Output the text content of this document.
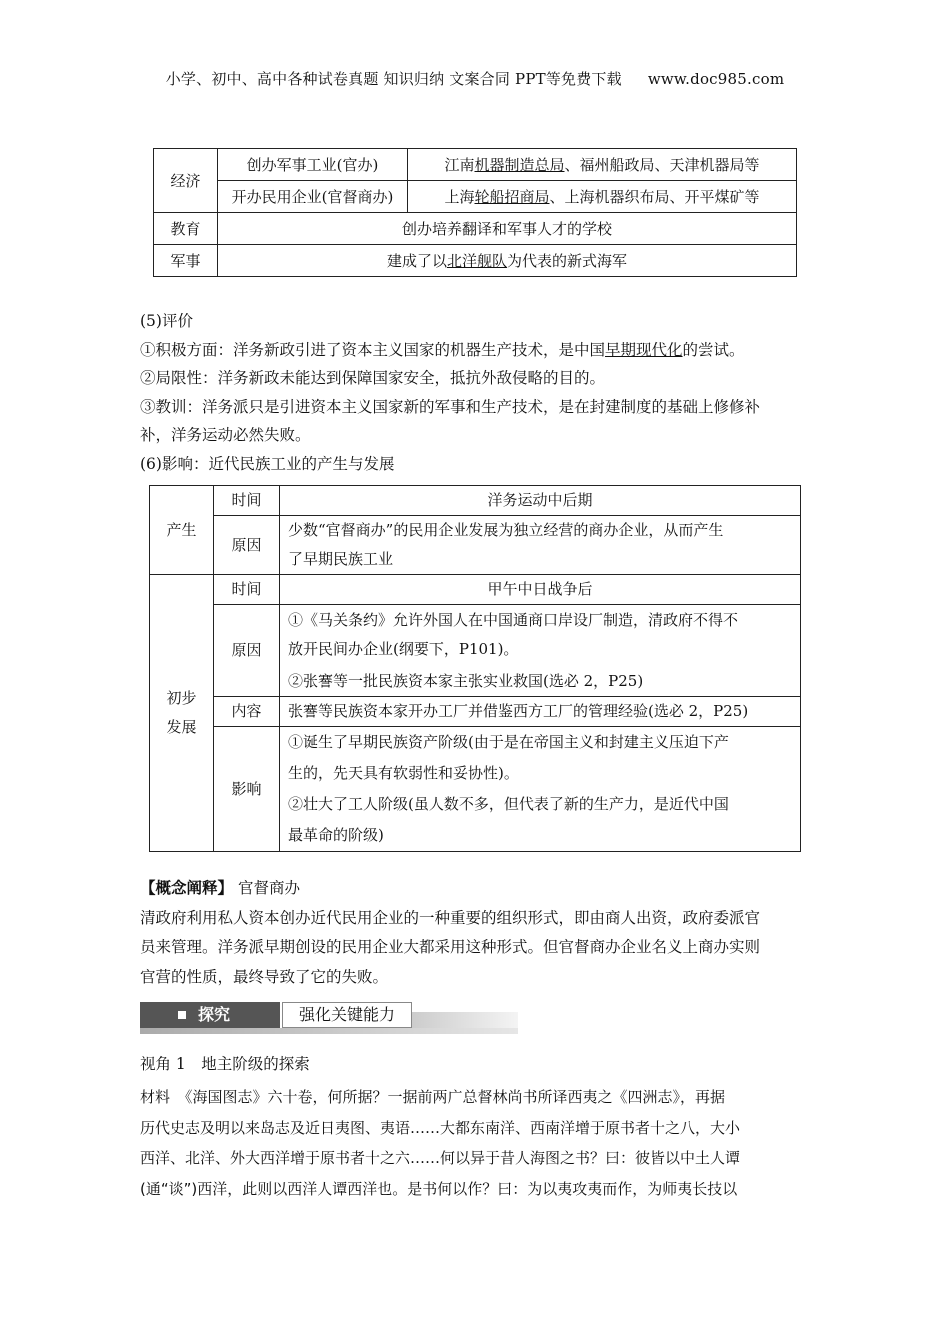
小学、初中、高中各种试卷真题 知识归纳 文案合同 PPT等免费下载 www.doc985.com
经济	创办军事工业(官办)	江南机器制造总局、福州船政局、天津机器局等
	开办民用企业(官督商办)	上海轮船招商局、上海机器织布局、开平煤矿等
教育	创办培养翻译和军事人才的学校	
军事	建成了以北洋舰队为代表的新式海军	

(5)评价

①积极方面：洋务新政引进了资本主义国家的机器生产技术，是中国早期现代化的尝试。

②局限性：洋务新政未能达到保障国家安全，抵抗外敌侵略的目的。

③教训：洋务派只是引进资本主义国家新的军事和生产技术，是在封建制度的基础上修修补

补，洋务运动必然失败。

(6)影响：近代民族工业的产生与发展

产生	时间	洋务运动中后期
	原因	少数“官督商办”的民用企业发展为独立经营的商办企业，从而产生
了早期民族工业

初步
发展	时间	甲午中日战争后
	原因	①《马关条约》允许外国人在中国通商口岸设厂制造，清政府不得不
放开民间办企业(纲要下，P101)。
②张謇等一批民族资本家主张实业救国(选必 2，P25)

	内容	张謇等民族资本家开办工厂并借鉴西方工厂的管理经验(选必 2，P25)
	影响	①诞生了早期民族资产阶级(由于是在帝国主义和封建主义压迫下产
生的，先天具有软弱性和妥协性)。
②壮大了工人阶级(虽人数不多，但代表了新的生产力，是近代中国
最革命的阶级)

【概念阐释】 官督商办

清政府利用私人资本创办近代民用企业的一种重要的组织形式，即由商人出资，政府委派官

员来管理。洋务派早期创设的民用企业大都采用这种形式。但官督商办企业名义上商办实则

官营的性质，最终导致了它的失败。

探究	强化关键能力
视角 1　地主阶级的探索

材料　《海国图志》六十卷，何所据？一据前两广总督林尚书所译西夷之《四洲志》，再据

历代史志及明以来岛志及近日夷图、夷语……大都东南洋、西南洋增于原书者十之八，大小

西洋、北洋、外大西洋增于原书者十之六……何以异于昔人海图之书？曰：彼皆以中土人谭

(通“谈”)西洋，此则以西洋人谭西洋也。是书何以作？曰：为以夷攻夷而作，为师夷长技以
